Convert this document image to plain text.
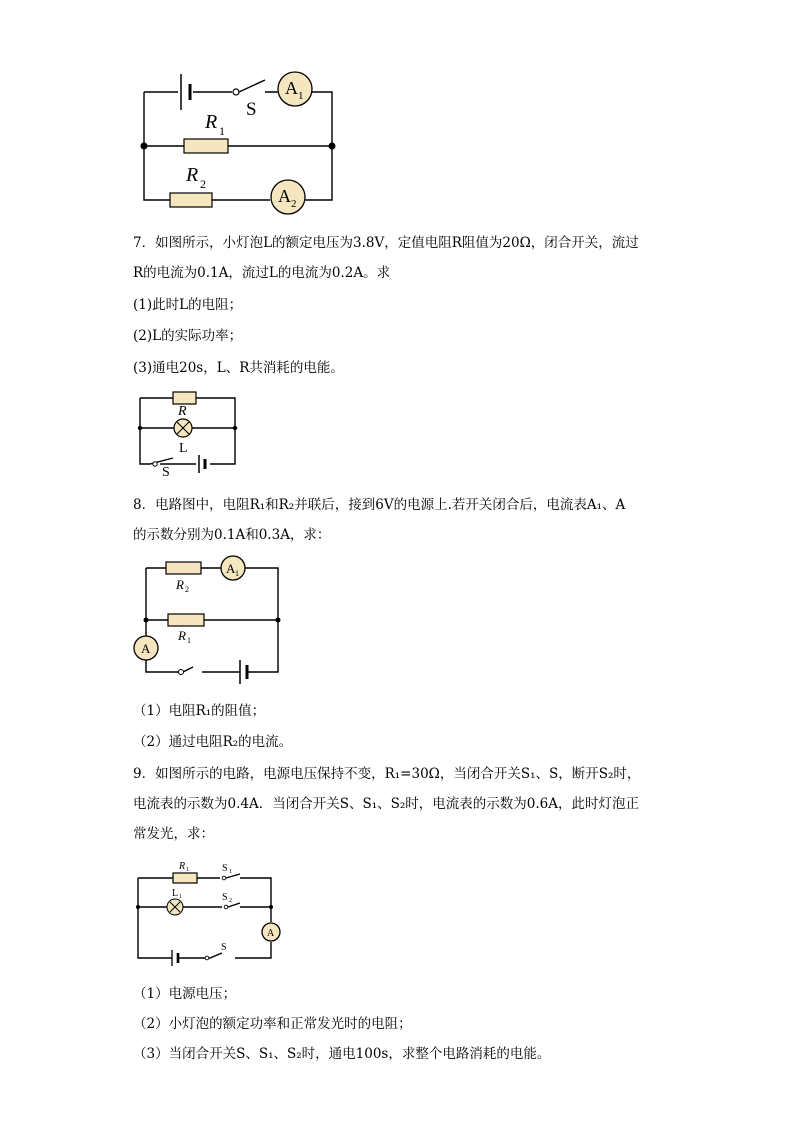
S
A 1
A 2
R 1
R 2
7．如图所示，小灯泡L的额定电压为3.8V，定值电阻R阻值为20Ω，闭合开关，流过
R的电流为0.1A，流过L的电流为0.2A。求
(1)此时L的电阻；
(2)L的实际功率；
(3)通电20s，L、R共消耗的电能。
R
L
S
8．电路图中，电阻R₁和R₂并联后，接到6V的电源上.若开关闭合后，电流表A₁、A
的示数分别为0.1A和0.3A，求：
A 1
A
R 2
R 1
（1）电阻R₁的阻值；
（2）通过电阻R₂的电流。
9．如图所示的电路，电源电压保持不变，R₁=30Ω，当闭合开关S₁、S，断开S₂时，
电流表的示数为0.4A．当闭合开关S、S₁、S₂时，电流表的示数为0.6A，此时灯泡正
常发光，求：
A
R 1	S 1
L 1	S 2
S
（1）电源电压；
（2）小灯泡的额定功率和正常发光时的电阻；
（3）当闭合开关S、S₁、S₂时，通电100s，求整个电路消耗的电能。
